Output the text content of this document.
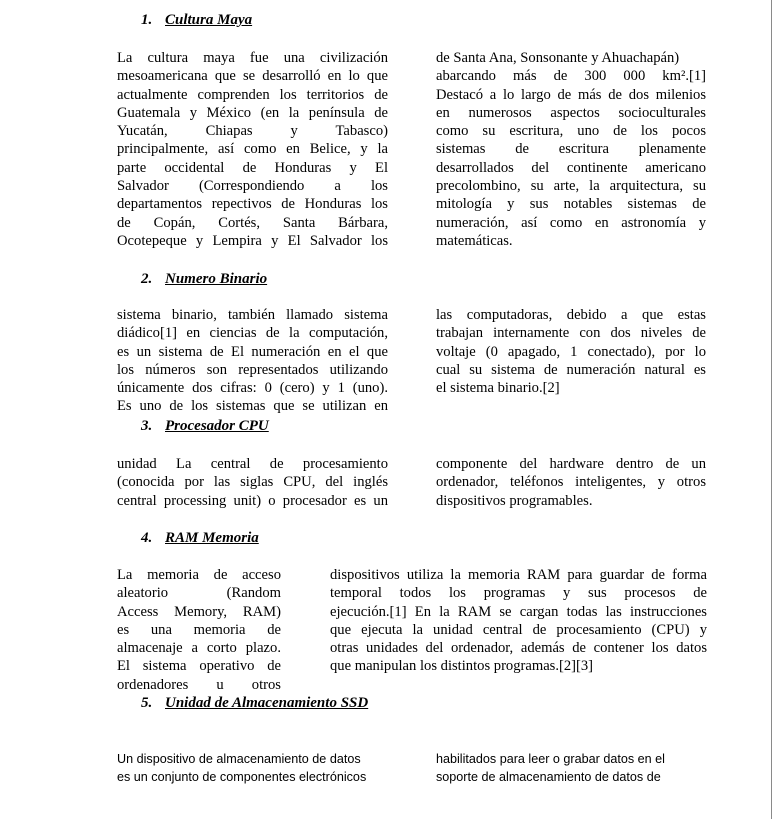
1. Cultura Maya
La cultura maya fue una civilización
mesoamericana que se desarrolló en lo que
actualmente comprenden los territorios de
Guatemala y México (en la península de
Yucatán, Chiapas y Tabasco)
principalmente, así como en Belice, y la
parte occidental de Honduras y El
Salvador (Correspondiendo a los
departamentos repectivos de Honduras los
de Copán, Cortés, Santa Bárbara,
Ocotepeque y Lempira y El Salvador los
de Santa Ana, Sonsonante y Ahuachapán)
abarcando más de 300 000 km².[1]
Destacó a lo largo de más de dos milenios
en numerosos aspectos socioculturales
como su escritura, uno de los pocos
sistemas de escritura plenamente
desarrollados del continente americano
precolombino, su arte, la arquitectura, su
mitología y sus notables sistemas de
numeración, así como en astronomía y
matemáticas.
2. Numero Binario
sistema binario, también llamado sistema
diádico[1] en ciencias de la computación,
es un sistema de El numeración en el que
los números son representados utilizando
únicamente dos cifras: 0 (cero) y 1 (uno).
Es uno de los sistemas que se utilizan en
las computadoras, debido a que estas
trabajan internamente con dos niveles de
voltaje (0 apagado, 1 conectado), por lo
cual su sistema de numeración natural es
el sistema binario.[2]
3. Procesador CPU
unidad La central de procesamiento
(conocida por las siglas CPU, del inglés
central processing unit) o procesador es un
componente del hardware dentro de un
ordenador, teléfonos inteligentes, y otros
dispositivos programables.
4. RAM Memoria
La memoria de acceso
aleatorio (Random
Access Memory, RAM)
es una memoria de
almacenaje a corto plazo.
El sistema operativo de
ordenadores u otros
dispositivos utiliza la memoria RAM para guardar de forma
temporal todos los programas y sus procesos de
ejecución.[1] En la RAM se cargan todas las instrucciones
que ejecuta la unidad central de procesamiento (CPU) y
otras unidades del ordenador, además de contener los datos
que manipulan los distintos programas.[2][3]
5. Unidad de Almacenamiento SSD
Un dispositivo de almacenamiento de datos
es un conjunto de componentes electrónicos
habilitados para leer o grabar datos en el
soporte de almacenamiento de datos de
